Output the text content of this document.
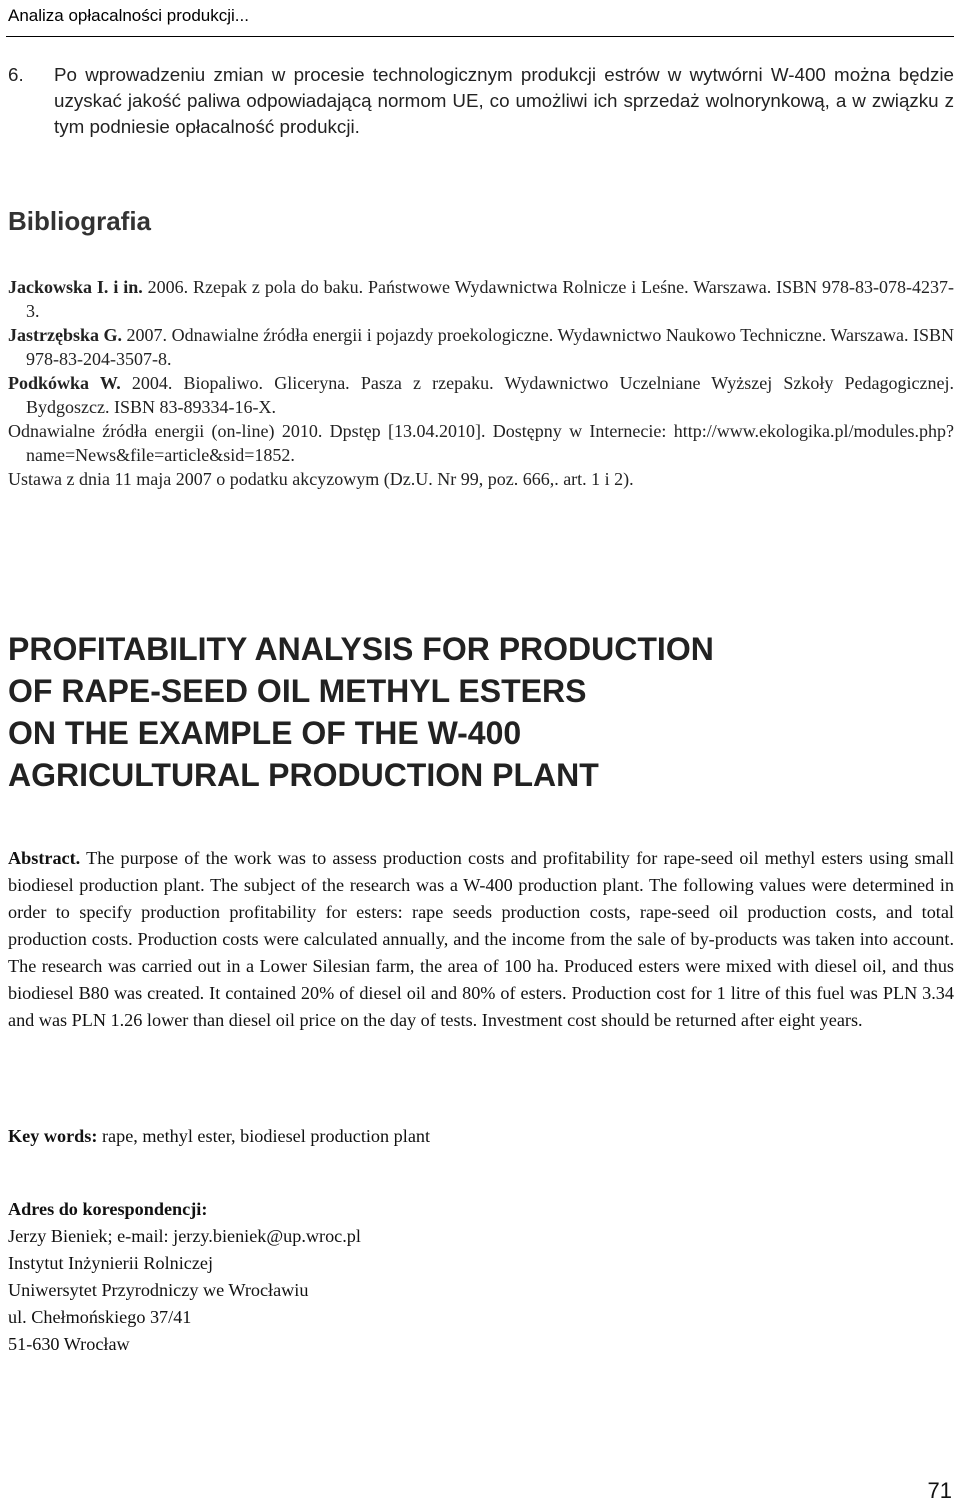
Analiza opłacalności produkcji...
6. Po wprowadzeniu zmian w procesie technologicznym produkcji estrów w wytwórni W-400 można będzie uzyskać jakość paliwa odpowiadającą normom UE, co umożliwi ich sprzedaż wolnorynkową, a w związku z tym podniesie opłacalność produkcji.
Bibliografia

Jackowska I. i in. 2006. Rzepak z pola do baku. Państwowe Wydawnictwa Rolnicze i Leśne. Warszawa. ISBN 978-83-078-4237-3.

Jastrzębska G. 2007. Odnawialne źródła energii i pojazdy proekologiczne. Wydawnictwo Naukowo Techniczne. Warszawa. ISBN 978-83-204-3507-8.

Podkówka W. 2004. Biopaliwo. Gliceryna. Pasza z rzepaku. Wydawnictwo Uczelniane Wyższej Szkoły Pedagogicznej. Bydgoszcz. ISBN 83-89334-16-X.

Odnawialne źródła energii (on-line) 2010. Dpstęp [13.04.2010]. Dostępny w Internecie: http://www.ekologika.pl/modules.php?name=News&file=article&sid=1852.

Ustawa z dnia 11 maja 2007 o podatku akcyzowym (Dz.U. Nr 99, poz. 666,. art. 1 i 2).

PROFITABILITY ANALYSIS FOR PRODUCTION
OF RAPE-SEED OIL METHYL ESTERS
ON THE EXAMPLE OF THE W-400
AGRICULTURAL PRODUCTION PLANT
Abstract. The purpose of the work was to assess production costs and profitability for rape-seed oil methyl esters using small biodiesel production plant. The subject of the research was a W-400 production plant. The following values were determined in order to specify production profitability for esters: rape seeds production costs, rape-seed oil production costs, and total production costs. Production costs were calculated annually, and the income from the sale of by-products was taken into account. The research was carried out in a Lower Silesian farm, the area of 100 ha. Produced esters were mixed with diesel oil, and thus biodiesel B80 was created. It contained 20% of diesel oil and 80% of esters. Production cost for 1 litre of this fuel was PLN 3.34 and was PLN 1.26 lower than diesel oil price on the day of tests. Investment cost should be returned after eight years.
Key words: rape, methyl ester, biodiesel production plant
Adres do korespondencji:
Jerzy Bieniek; e-mail: jerzy.bieniek@up.wroc.pl
Instytut Inżynierii Rolniczej
Uniwersytet Przyrodniczy we Wrocławiu
ul. Chełmońskiego 37/41
51-630 Wrocław
71
